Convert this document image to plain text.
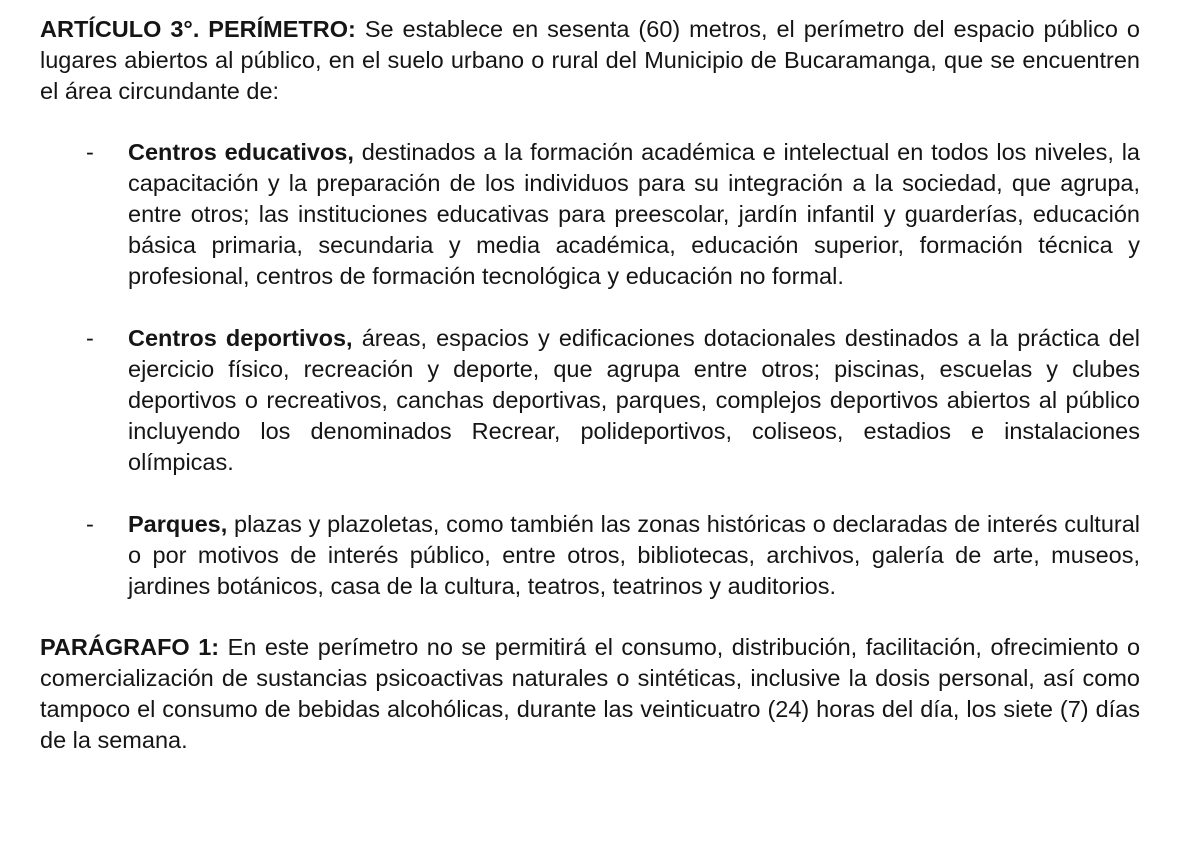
ARTÍCULO 3°. PERÍMETRO: Se establece en sesenta (60) metros, el perímetro del espacio público o lugares abiertos al público, en el suelo urbano o rural del Municipio de Bucaramanga, que se encuentren el área circundante de:

- Centros educativos, destinados a la formación académica e intelectual en todos los niveles, la capacitación y la preparación de los individuos para su integración a la sociedad, que agrupa, entre otros; las instituciones educativas para preescolar, jardín infantil y guarderías, educación básica primaria, secundaria y media académica, educación superior, formación técnica y profesional, centros de formación tecnológica y educación no formal.
- Centros deportivos, áreas, espacios y edificaciones dotacionales destinados a la práctica del ejercicio físico, recreación y deporte, que agrupa entre otros; piscinas, escuelas y clubes deportivos o recreativos, canchas deportivas, parques, complejos deportivos abiertos al público incluyendo los denominados Recrear, polideportivos, coliseos, estadios e instalaciones olímpicas.
- Parques, plazas y plazoletas, como también las zonas históricas o declaradas de interés cultural o por motivos de interés público, entre otros, bibliotecas, archivos, galería de arte, museos, jardines botánicos, casa de la cultura, teatros, teatrinos y auditorios.

PARÁGRAFO 1: En este perímetro no se permitirá el consumo, distribución, facilitación, ofrecimiento o comercialización de sustancias psicoactivas naturales o sintéticas, inclusive la dosis personal, así como tampoco el consumo de bebidas alcohólicas, durante las veinticuatro (24) horas del día, los siete (7) días de la semana.
